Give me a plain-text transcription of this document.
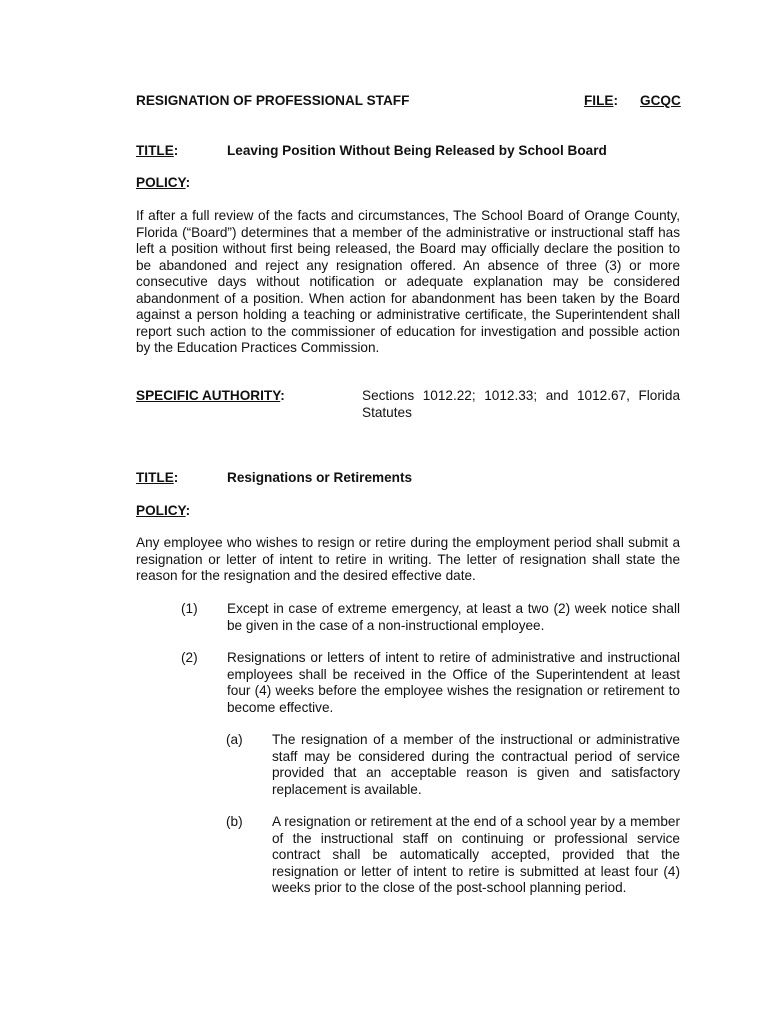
RESIGNATION OF PROFESSIONAL STAFF	FILE: GCQC
TITLE:	Leaving Position Without Being Released by School Board
POLICY:
If after a full review of the facts and circumstances, The School Board of Orange County, Florida (“Board”) determines that a member of the administrative or instructional staff has left a position without first being released, the Board may officially declare the position to be abandoned and reject any resignation offered. An absence of three (3) or more consecutive days without notification or adequate explanation may be considered abandonment of a position. When action for abandonment has been taken by the Board against a person holding a teaching or administrative certificate, the Superintendent shall report such action to the commissioner of education for investigation and possible action by the Education Practices Commission.
SPECIFIC AUTHORITY:	Sections 1012.22; 1012.33; and 1012.67, Florida Statutes
TITLE:	Resignations or Retirements
POLICY:
Any employee who wishes to resign or retire during the employment period shall submit a resignation or letter of intent to retire in writing. The letter of resignation shall state the reason for the resignation and the desired effective date.
(1) Except in case of extreme emergency, at least a two (2) week notice shall be given in the case of a non-instructional employee.
(2) Resignations or letters of intent to retire of administrative and instructional employees shall be received in the Office of the Superintendent at least four (4) weeks before the employee wishes the resignation or retirement to become effective.
(a) The resignation of a member of the instructional or administrative staff may be considered during the contractual period of service provided that an acceptable reason is given and satisfactory replacement is available.
(b) A resignation or retirement at the end of a school year by a member of the instructional staff on continuing or professional service contract shall be automatically accepted, provided that the resignation or letter of intent to retire is submitted at least four (4) weeks prior to the close of the post-school planning period.
